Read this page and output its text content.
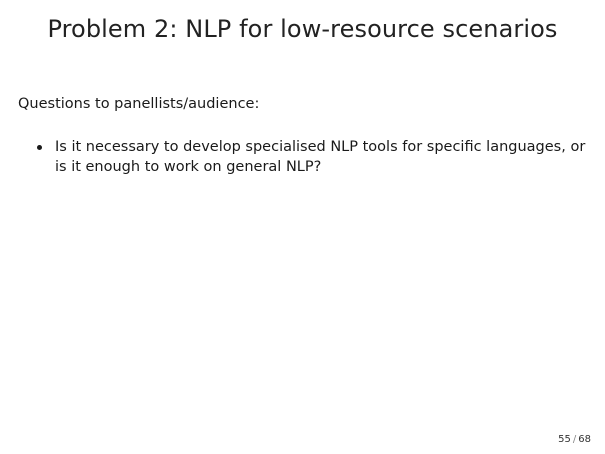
Problem 2: NLP for low-resource scenarios
Questions to panellists/audience:
Is it necessary to develop specialised NLP tools for specific languages, or is it enough to work on general NLP?
55 / 68
